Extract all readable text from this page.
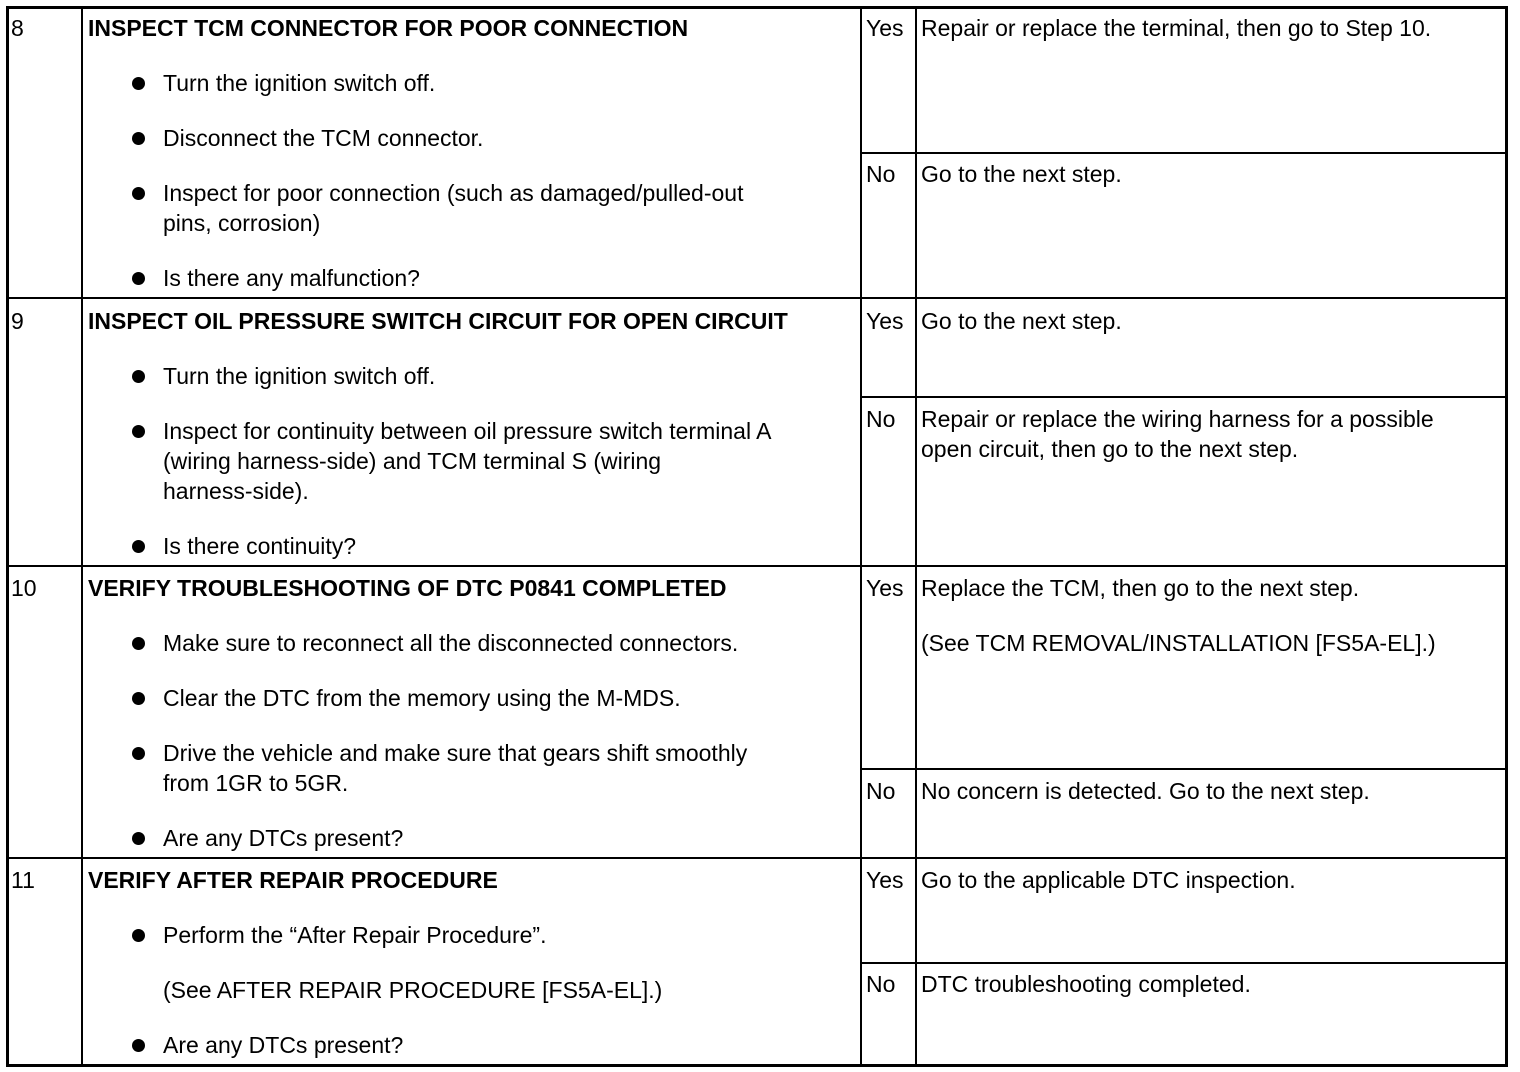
8	INSPECT TCM CONNECTOR FOR POOR CONNECTION
Turn the ignition switch off.
Disconnect the TCM connector.
Inspect for poor connection (such as damaged/pulled-out
pins, corrosion)
Is there any malfunction?
Yes Repair or replace the terminal, then go to Step 10.
No Go to the next step.
9	INSPECT OIL PRESSURE SWITCH CIRCUIT FOR OPEN CIRCUIT
Turn the ignition switch off.
Inspect for continuity between oil pressure switch terminal A
(wiring harness-side) and TCM terminal S (wiring
harness-side).
Is there continuity?
Yes Go to the next step.
No Repair or replace the wiring harness for a possible
open circuit, then go to the next step.
10 VERIFY TROUBLESHOOTING OF DTC P0841 COMPLETED
Make sure to reconnect all the disconnected connectors.
Clear the DTC from the memory using the M-MDS.
Drive the vehicle and make sure that gears shift smoothly
from 1GR to 5GR.
Are any DTCs present?
Yes Replace the TCM, then go to the next step.
(See TCM REMOVAL/INSTALLATION [FS5A-EL].)
No No concern is detected. Go to the next step.
11 VERIFY AFTER REPAIR PROCEDURE
Perform the “After Repair Procedure”.
(See AFTER REPAIR PROCEDURE [FS5A-EL].)
Are any DTCs present?
Yes Go to the applicable DTC inspection.
No DTC troubleshooting completed.
